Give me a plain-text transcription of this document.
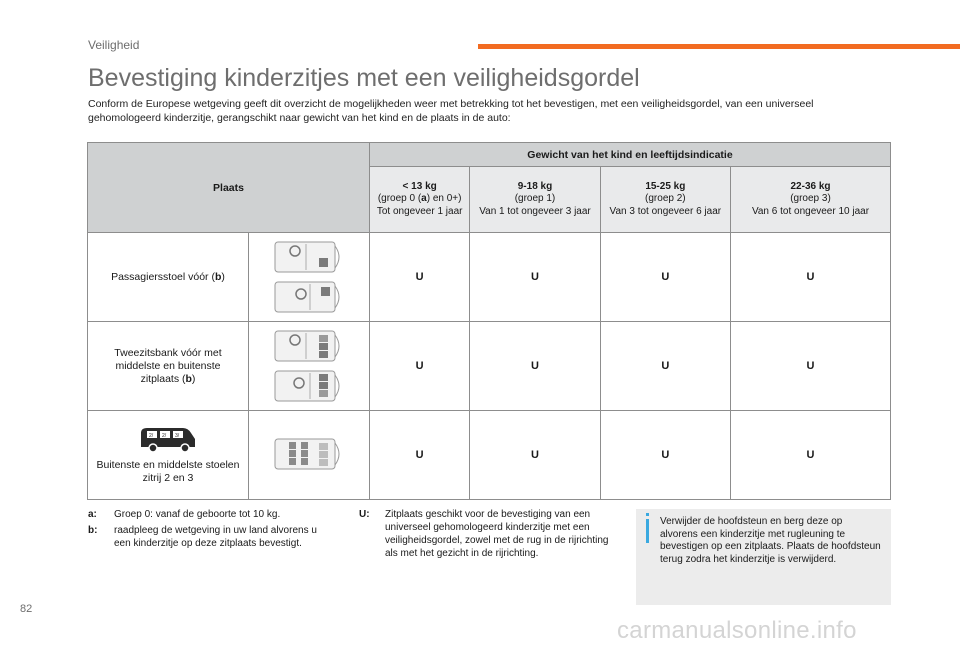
Veiligheid
Bevestiging kinderzitjes met een veiligheidsgordel

Conform de Europese wetgeving geeft dit overzicht de mogelijkheden weer met betrekking tot het bevestigen, met een veiligheidsgordel, van een universeel gehomologeerd kinderzitje, gerangschikt naar gewicht van het kind en de plaats in de auto:

Plaats		Gewicht van het kind en leeftijdsindicatie			
		< 13 kg
(groep 0 (a) en 0+)
Tot ongeveer 1 jaar	9-18 kg
(groep 1)
Van 1 tot ongeveer 3 jaar	15-25 kg
(groep 2)
Van 3 tot ongeveer 6 jaar	22-36 kg
(groep 3)
Van 6 tot ongeveer 10 jaar
Passagiersstoel vóór (b)		U	U	U	U
Tweezitsbank vóór met middelste en buitenste zitplaats (b)		U	U	U	U

2/ 2/ 3/
Buitenste en middelste stoelen zitrij 2 en 3		U	U	U	U
a:	Groep 0: vanaf de geboorte tot 10 kg.
b:	raadpleeg de wetgeving in uw land alvorens u een kinderzitje op deze zitplaats bevestigt.
U:	Zitplaats geschikt voor de bevestiging van een universeel gehomologeerd kinderzitje met een veiligheidsgordel, zowel met de rug in de rijrichting als met het gezicht in de rijrichting.

Verwijder de hoofdsteun en berg deze op alvorens een kinderzitje met rugleuning te bevestigen op een zitplaats. Plaats de hoofdsteun terug zodra het kinderzitje is verwijderd.

82
carmanualsonline.info
